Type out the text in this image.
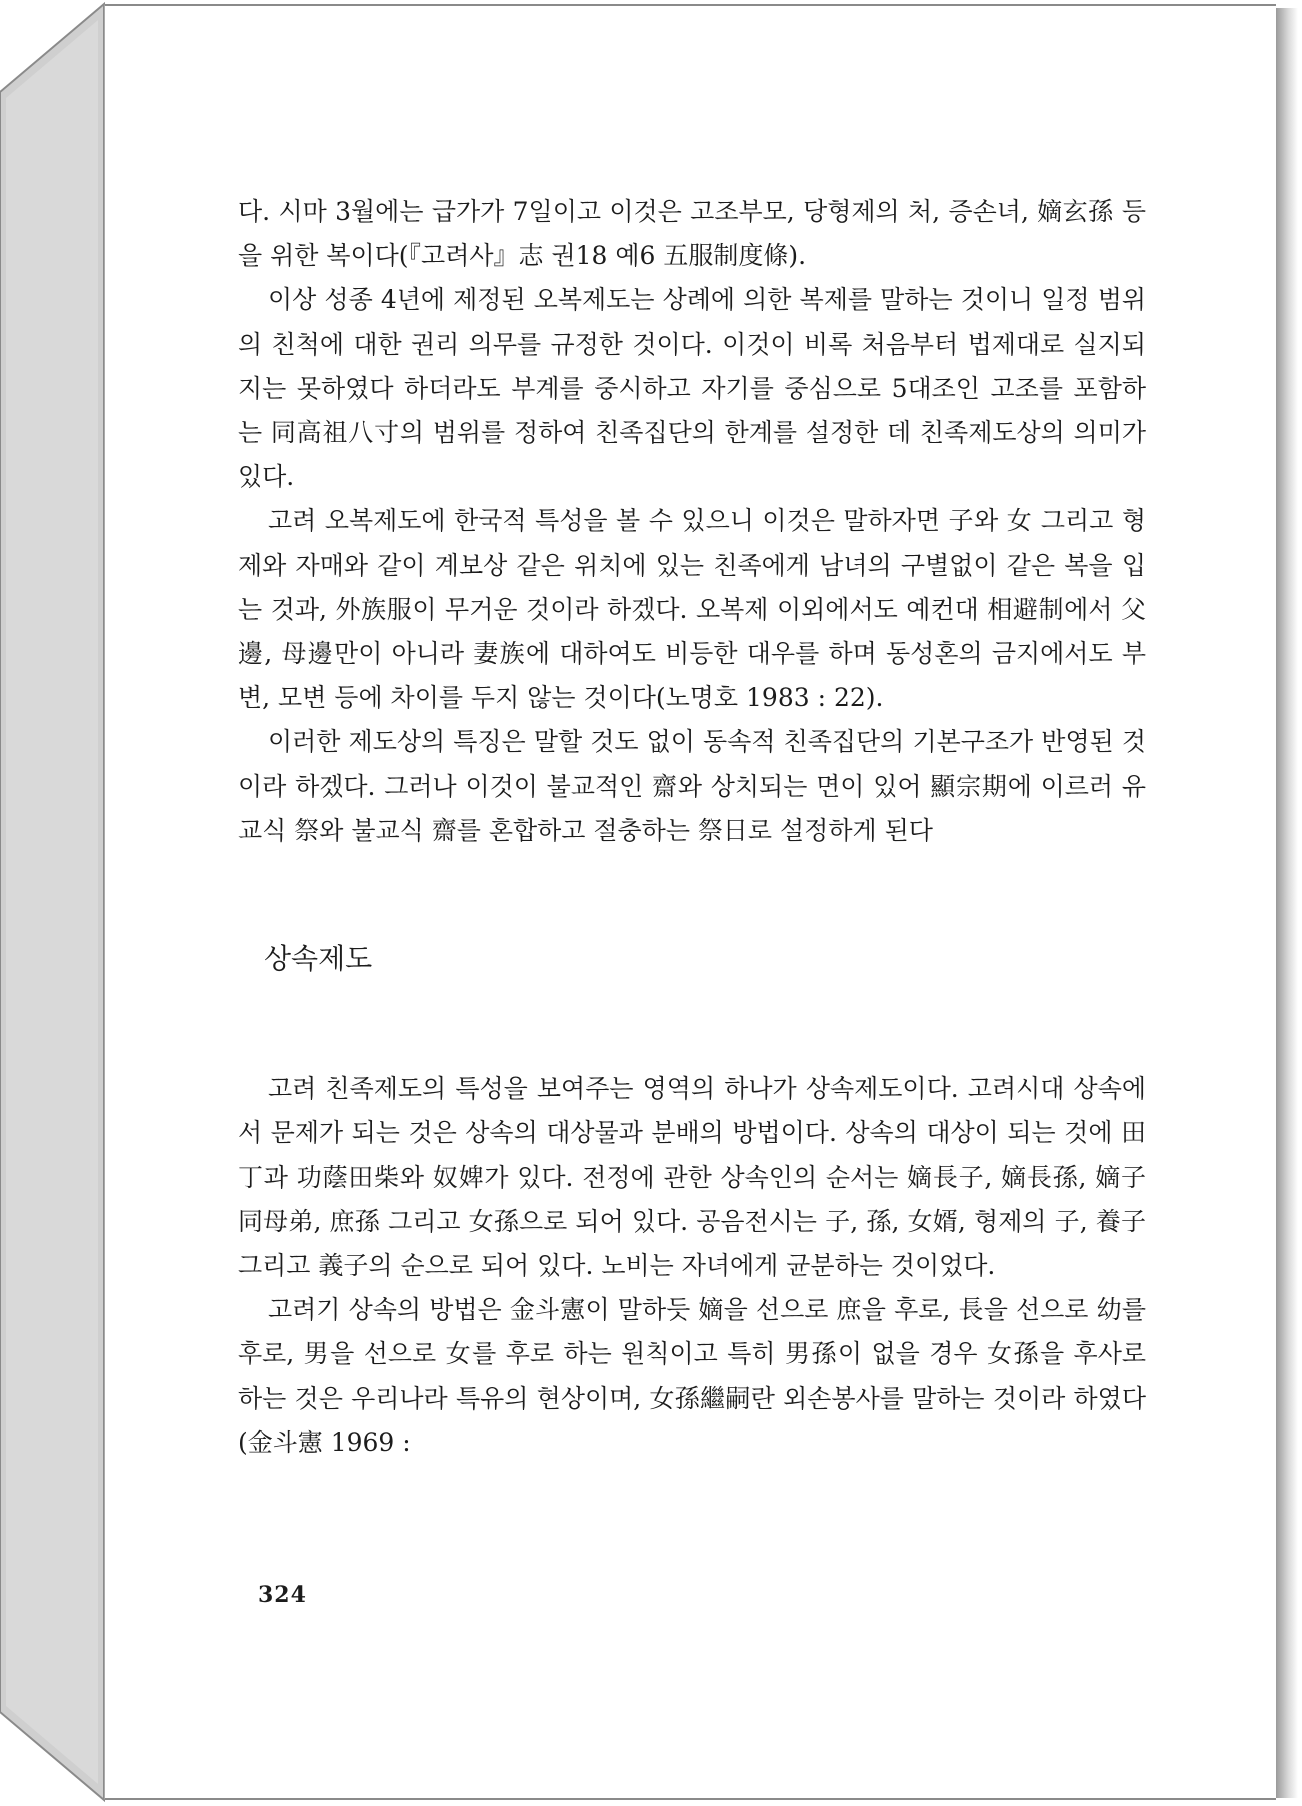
다. 시마 3월에는 급가가 7일이고 이것은 고조부모, 당형제의 처, 증손녀, 嫡玄孫 등을 위한 복이다(『고려사』志 권18 예6 五服制度條).

이상 성종 4년에 제정된 오복제도는 상례에 의한 복제를 말하는 것이니 일정 범위의 친척에 대한 권리 의무를 규정한 것이다. 이것이 비록 처음부터 법제대로 실지되지는 못하였다 하더라도 부계를 중시하고 자기를 중심으로 5대조인 고조를 포함하는 同高祖八寸의 범위를 정하여 친족집단의 한계를 설정한 데 친족제도상의 의미가 있다.

고려 오복제도에 한국적 특성을 볼 수 있으니 이것은 말하자면 子와 女 그리고 형제와 자매와 같이 계보상 같은 위치에 있는 친족에게 남녀의 구별없이 같은 복을 입는 것과, 外族服이 무거운 것이라 하겠다. 오복제 이외에서도 예컨대 相避制에서 父邊, 母邊만이 아니라 妻族에 대하여도 비등한 대우를 하며 동성혼의 금지에서도 부변, 모변 등에 차이를 두지 않는 것이다(노명호 1983 : 22).

이러한 제도상의 특징은 말할 것도 없이 동속적 친족집단의 기본구조가 반영된 것이라 하겠다. 그러나 이것이 불교적인 齋와 상치되는 면이 있어 顯宗期에 이르러 유교식 祭와 불교식 齋를 혼합하고 절충하는 祭日로 설정하게 된다

상속제도

고려 친족제도의 특성을 보여주는 영역의 하나가 상속제도이다. 고려시대 상속에서 문제가 되는 것은 상속의 대상물과 분배의 방법이다. 상속의 대상이 되는 것에 田丁과 功蔭田柴와 奴婢가 있다. 전정에 관한 상속인의 순서는 嫡長子, 嫡長孫, 嫡子同母弟, 庶孫 그리고 女孫으로 되어 있다. 공음전시는 子, 孫, 女婿, 형제의 子, 養子 그리고 義子의 순으로 되어 있다. 노비는 자녀에게 균분하는 것이었다.

고려기 상속의 방법은 金斗憲이 말하듯 嫡을 선으로 庶을 후로, 長을 선으로 幼를 후로, 男을 선으로 女를 후로 하는 원칙이고 특히 男孫이 없을 경우 女孫을 후사로 하는 것은 우리나라 특유의 현상이며, 女孫繼嗣란 외손봉사를 말하는 것이라 하였다(金斗憲 1969 :

324
